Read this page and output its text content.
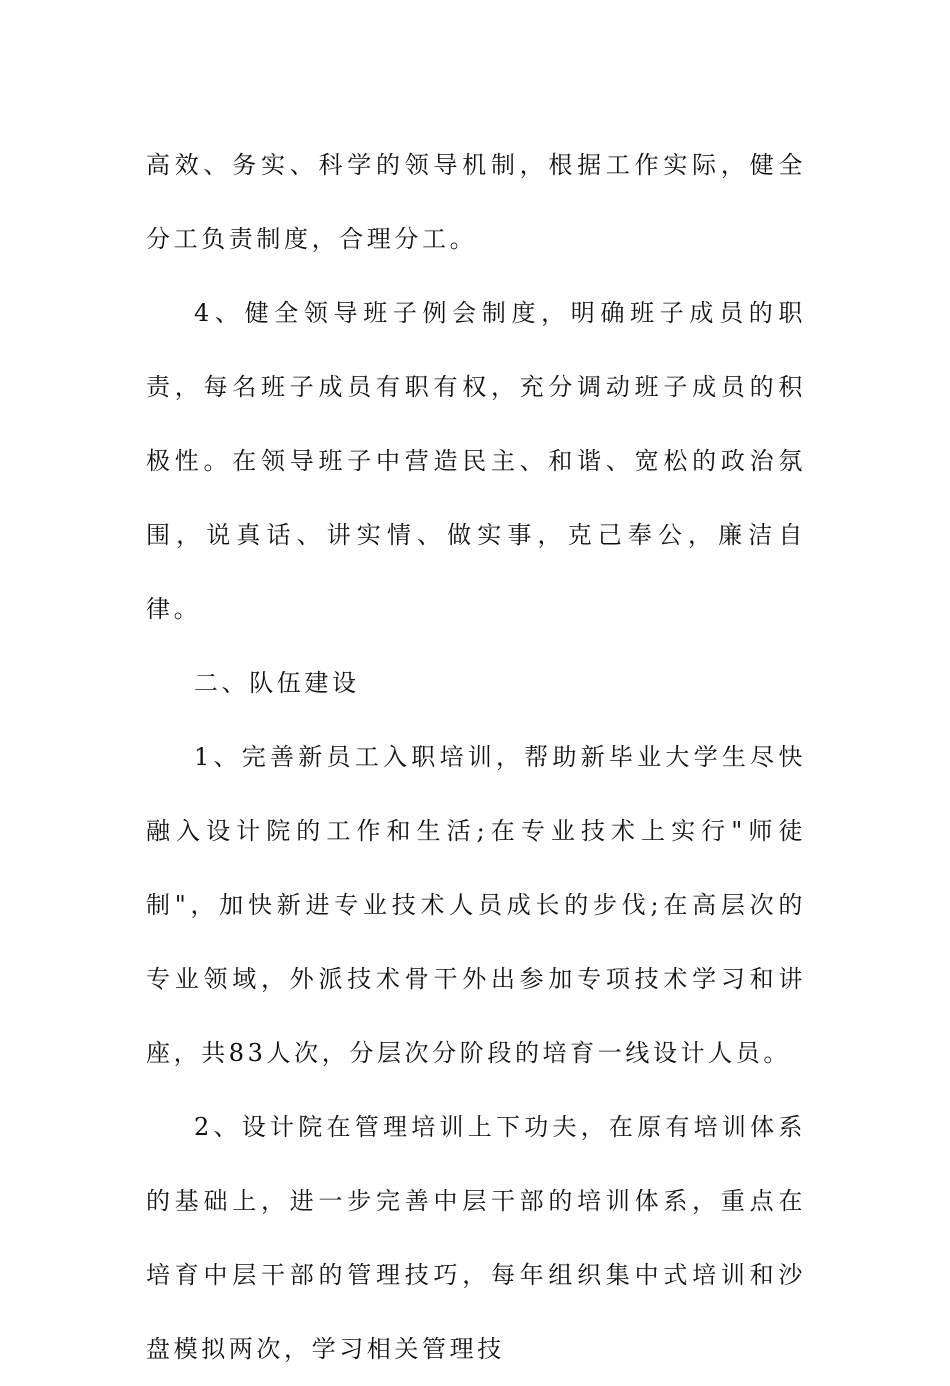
高效、务实、科学的领导机制，根据工作实际，健全分工负责制度，合理分工。

4、健全领导班子例会制度，明确班子成员的职责，每名班子成员有职有权，充分调动班子成员的积极性。在领导班子中营造民主、和谐、宽松的政治氛围，说真话、讲实情、做实事，克己奉公，廉洁自律。

二、队伍建设

1、完善新员工入职培训，帮助新毕业大学生尽快融入设计院的工作和生活;在专业技术上实行"师徒制"，加快新进专业技术人员成长的步伐;在高层次的专业领域，外派技术骨干外出参加专项技术学习和讲座，共83人次，分层次分阶段的培育一线设计人员。

2、设计院在管理培训上下功夫，在原有培训体系的基础上，进一步完善中层干部的培训体系，重点在培育中层干部的管理技巧，每年组织集中式培训和沙盘模拟两次，学习相关管理技
